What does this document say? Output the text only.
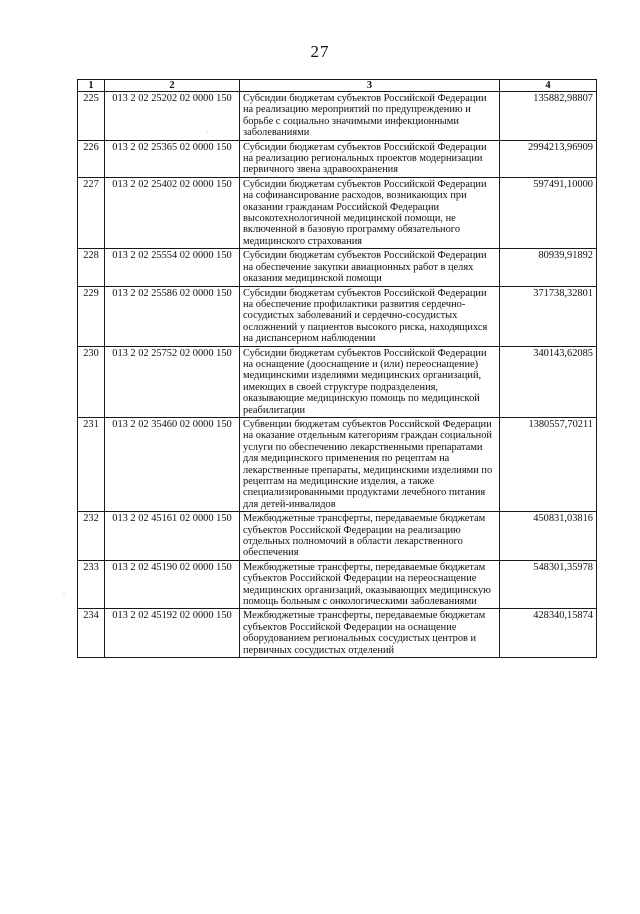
27
1	2	3	4
225	013 2 02 25202 02 0000 150	Субсидии бюджетам субъектов Российской Федерации на реализацию мероприятий по предупреждению и борьбе с социально значимыми инфекционными заболеваниями	135882,98807
226	013 2 02 25365 02 0000 150	Субсидии бюджетам субъектов Российской Федерации на реализацию региональных проектов модернизации первичного звена здравоохранения	2994213,96909
227	013 2 02 25402 02 0000 150	Субсидии бюджетам субъектов Российской Федерации на софинансирование расходов, возникающих при оказании гражданам Российской Федерации высокотехнологичной медицинской помощи, не включенной в базовую программу обязательного медицинского страхования	597491,10000
228	013 2 02 25554 02 0000 150	Субсидии бюджетам субъектов Российской Федерации на обеспечение закупки авиационных работ в целях оказания медицинской помощи	80939,91892
229	013 2 02 25586 02 0000 150	Субсидии бюджетам субъектов Российской Федерации на обеспечение профилактики развития сердечно-сосудистых заболеваний и сердечно-сосудистых осложнений у пациентов высокого риска, находящихся на диспансерном наблюдении	371738,32801
230	013 2 02 25752 02 0000 150	Субсидии бюджетам субъектов Российской Федерации на оснащение (дооснащение и (или) переоснащение) медицинскими изделиями медицинских организаций, имеющих в своей структуре подразделения, оказывающие медицинскую помощь по медицинской реабилитации	340143,62085
231	013 2 02 35460 02 0000 150	Субвенции бюджетам субъектов Российской Федерации на оказание отдельным категориям граждан социальной услуги по обеспечению лекарственными препаратами для медицинского применения по рецептам на лекарственные препараты, медицинскими изделиями по рецептам на медицинские изделия, а также специализированными продуктами лечебного питания для детей-инвалидов	1380557,70211
232	013 2 02 45161 02 0000 150	Межбюджетные трансферты, передаваемые бюджетам субъектов Российской Федерации на реализацию отдельных полномочий в области лекарственного обеспечения	450831,03816
233	013 2 02 45190 02 0000 150	Межбюджетные трансферты, передаваемые бюджетам субъектов Российской Федерации на переоснащение медицинских организаций, оказывающих медицинскую помощь больным с онкологическими заболеваниями	548301,35978
234	013 2 02 45192 02 0000 150	Межбюджетные трансферты, передаваемые бюджетам субъектов Российской Федерации на оснащение оборудованием региональных сосудистых центров и первичных сосудистых отделений	428340,15874
.
.
